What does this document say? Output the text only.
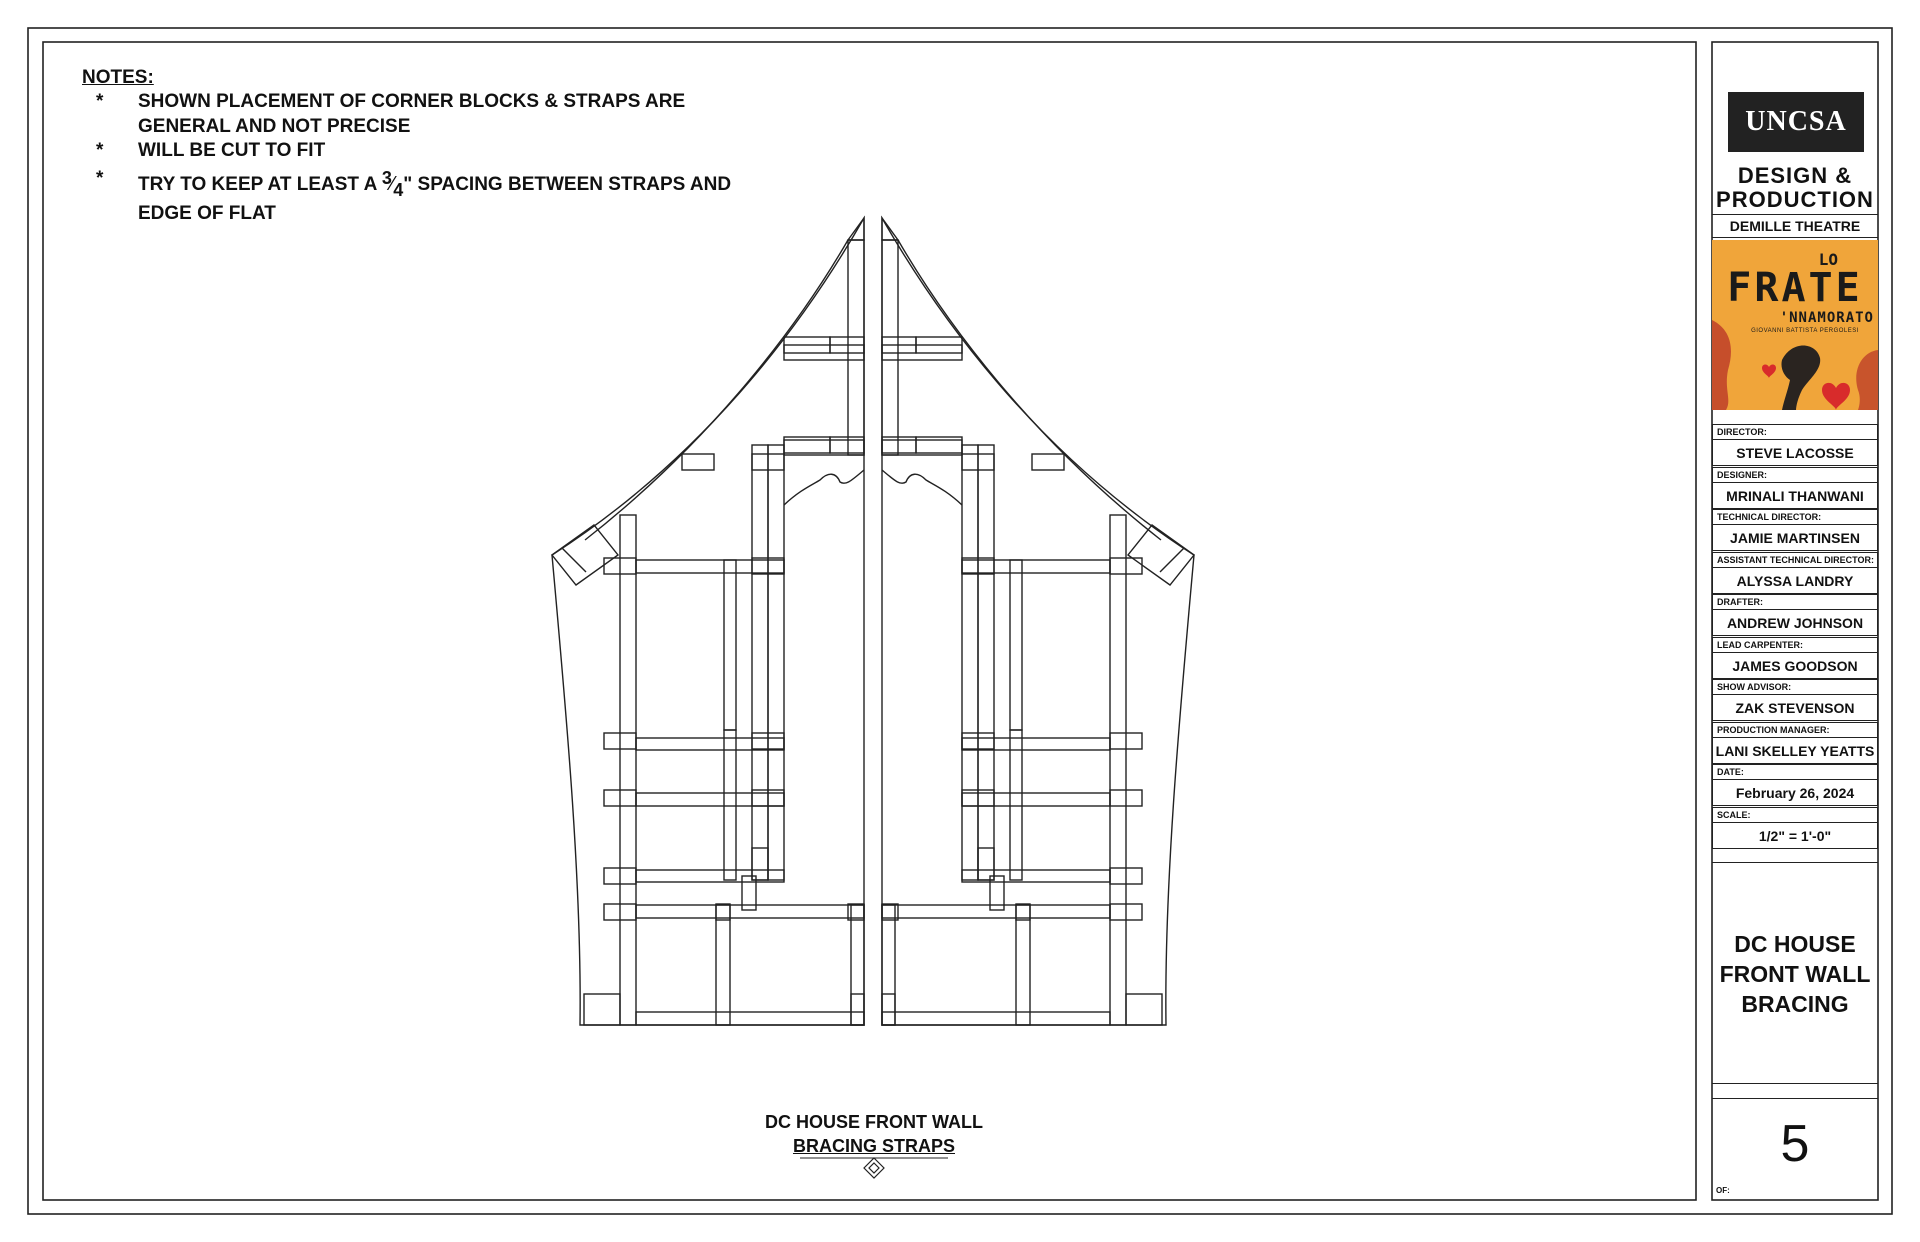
NOTES:
*	SHOWN PLACEMENT OF CORNER BLOCKS & STRAPS ARE GENERAL AND NOT PRECISE
*	WILL BE CUT TO FIT
*	TRY TO KEEP AT LEAST A $^3⁄_4$" SPACING BETWEEN STRAPS AND EDGE OF FLAT
DC HOUSE FRONT WALL
BRACING STRAPS
UNCSA
DESIGN &
PRODUCTION
DEMILLE THEATRE
LO
FRATE
'NNAMORATO
GIOVANNI BATTISTA PERGOLESI
DIRECTOR:
STEVE LACOSSE
DESIGNER:
MRINALI THANWANI
TECHNICAL DIRECTOR:
JAMIE MARTINSEN
ASSISTANT TECHNICAL DIRECTOR:
ALYSSA LANDRY
DRAFTER:
ANDREW JOHNSON
LEAD CARPENTER:
JAMES GOODSON
SHOW ADVISOR:
ZAK STEVENSON
PRODUCTION MANAGER:
LANI SKELLEY YEATTS
DATE:
February 26, 2024
SCALE:
1/2" = 1'-0"
DC HOUSE
FRONT WALL
BRACING
5
OF:
